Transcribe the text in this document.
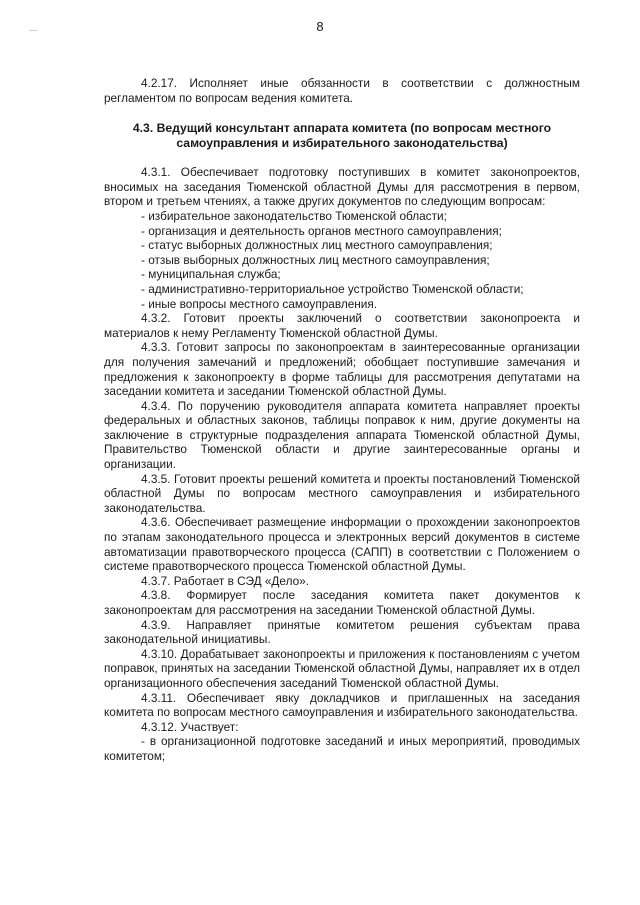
8

4.2.17. Исполняет иные обязанности в соответствии с должностным регламентом по вопросам ведения комитета.

4.3. Ведущий консультант аппарата комитета (по вопросам местного
самоуправления и избирательного законодательства)

4.3.1. Обеспечивает подготовку поступивших в комитет законопроектов, вносимых на заседания Тюменской областной Думы для рассмотрения в первом, втором и третьем чтениях, а также других документов по следующим вопросам:

- избирательное законодательство Тюменской области;

- организация и деятельность органов местного самоуправления;

- статус выборных должностных лиц местного самоуправления;

- отзыв выборных должностных лиц местного самоуправления;

- муниципальная служба;

- административно-территориальное устройство Тюменской области;

- иные вопросы местного самоуправления.

4.3.2. Готовит проекты заключений о соответствии законопроекта и материалов к нему Регламенту Тюменской областной Думы.

4.3.3. Готовит запросы по законопроектам в заинтересованные организации для получения замечаний и предложений; обобщает поступившие замечания и предложения к законопроекту в форме таблицы для рассмотрения депутатами на заседании комитета и заседании Тюменской областной Думы.

4.3.4. По поручению руководителя аппарата комитета направляет проекты федеральных и областных законов, таблицы поправок к ним, другие документы на заключение в структурные подразделения аппарата Тюменской областной Думы, Правительство Тюменской области и другие заинтересованные органы и организации.

4.3.5. Готовит проекты решений комитета и проекты постановлений Тюменской областной Думы по вопросам местного самоуправления и избирательного законодательства.

4.3.6. Обеспечивает размещение информации о прохождении законопроектов по этапам законодательного процесса и электронных версий документов в системе автоматизации правотворческого процесса (САПП) в соответствии с Положением о системе правотворческого процесса Тюменской областной Думы.

4.3.7. Работает в СЭД «Дело».

4.3.8. Формирует после заседания комитета пакет документов к законопроектам для рассмотрения на заседании Тюменской областной Думы.

4.3.9. Направляет принятые комитетом решения субъектам права законодательной инициативы.

4.3.10. Дорабатывает законопроекты и приложения к постановлениям с учетом поправок, принятых на заседании Тюменской областной Думы, направляет их в отдел организационного обеспечения заседаний Тюменской областной Думы.

4.3.11. Обеспечивает явку докладчиков и приглашенных на заседания комитета по вопросам местного самоуправления и избирательного законодательства.

4.3.12. Участвует:

- в организационной подготовке заседаний и иных мероприятий, проводимых комитетом;
